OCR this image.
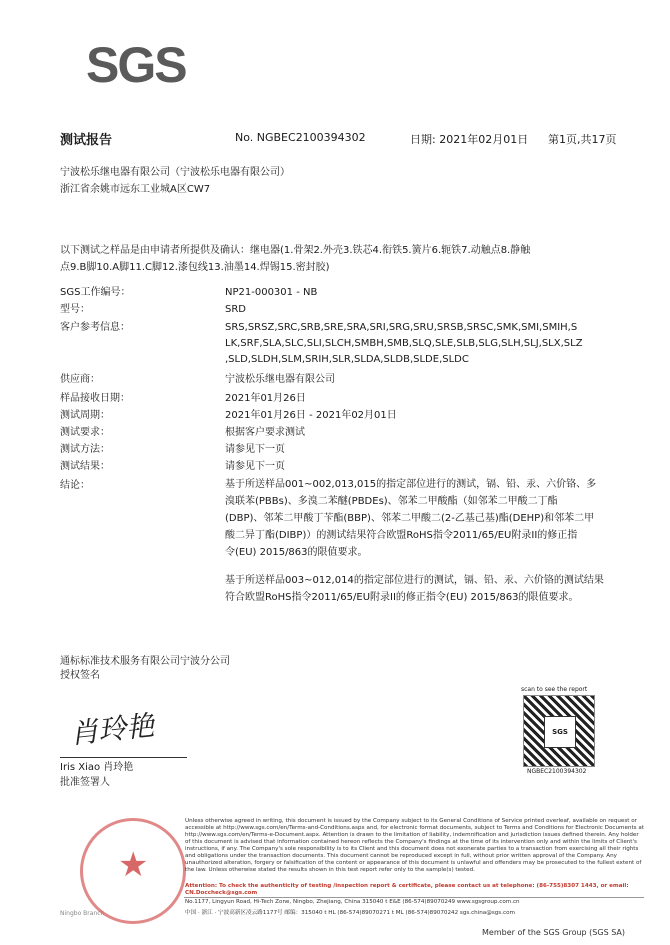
SGS
测试报告	No. NGBEC2100394302	日期: 2021年02月01日 第1页,共17页
宁波松乐继电器有限公司（宁波松乐电器有限公司）
浙江省余姚市远东工业城A区CW7
以下测试之样品是由申请者所提供及确认：继电器(1.骨架2.外壳3.铁芯4.衔铁5.簧片6.轭铁7.动触点8.静触
点9.B脚10.A脚11.C脚12.漆包线13.油墨14.焊锡15.密封胶)
SGS工作编号：	NP21-000301 - NB
型号：	SRD
客户参考信息：	SRS,SRSZ,SRC,SRB,SRE,SRA,SRI,SRG,SRU,SRSB,SRSC,SMK,SMI,SMIH,S
LK,SRF,SLA,SLC,SLI,SLCH,SMBH,SMB,SLQ,SLE,SLB,SLG,SLH,SLJ,SLX,SLZ
,SLD,SLDH,SLM,SRIH,SLR,SLDA,SLDB,SLDE,SLDC
供应商：	宁波松乐继电器有限公司
样品接收日期：	2021年01月26日
测试周期：	2021年01月26日 - 2021年02月01日
测试要求：	根据客户要求测试
测试方法：	请参见下一页
测试结果：	请参见下一页
结论：	基于所送样品001~002,013,015的指定部位进行的测试，镉、铅、汞、六价铬、多
溴联苯(PBBs)、多溴二苯醚(PBDEs)、邻苯二甲酸酯（如邻苯二甲酸二丁酯
(DBP)、邻苯二甲酸丁苄酯(BBP)、邻苯二甲酸二(2-乙基己基)酯(DEHP)和邻苯二甲
酸二异丁酯(DIBP)）的测试结果符合欧盟RoHS指令2011/65/EU附录II的修正指
令(EU) 2015/863的限值要求。
基于所送样品003~012,014的指定部位进行的测试，镉、铅、汞、六价铬的测试结果
符合欧盟RoHS指令2011/65/EU附录II的修正指令(EU) 2015/863的限值要求。
通标标准技术服务有限公司宁波分公司
授权签名
肖玲艳
Iris Xiao 肖玲艳
批准签署人
scan to see the report
SGS
NGBEC2100394302
★
Ningbo Branch
Unless otherwise agreed in writing, this document is issued by the Company subject to its General Conditions of Service printed overleaf, available on request or accessible at http://www.sgs.com/en/Terms-and-Conditions.aspx and, for electronic format documents, subject to Terms and Conditions for Electronic Documents at http://www.sgs.com/en/Terms-e-Document.aspx. Attention is drawn to the limitation of liability, indemnification and jurisdiction issues defined therein. Any holder of this document is advised that information contained hereon reflects the Company's findings at the time of its intervention only and within the limits of Client's instructions, if any. The Company's sole responsibility is to its Client and this document does not exonerate parties to a transaction from exercising all their rights and obligations under the transaction documents. This document cannot be reproduced except in full, without prior written approval of the Company. Any unauthorized alteration, forgery or falsification of the content or appearance of this document is unlawful and offenders may be prosecuted to the fullest extent of the law. Unless otherwise stated the results shown in this test report refer only to the sample(s) tested.
Attention: To check the authenticity of testing /inspection report & certificate, please contact us at telephone: (86-755)8307 1443, or email: CN.Doccheck@sgs.com
No.1177, Lingyun Road, Hi-Tech Zone, Ningbo, Zhejiang, China 315040 t E&E (86-574)89070249 www.sgsgroup.com.cn
中国 · 浙江 · 宁波高新区凌云路1177号 邮编：315040 t HL (86-574)89070271 t ML (86-574)89070242 sgs.china@sgs.com
Member of the SGS Group (SGS SA)
